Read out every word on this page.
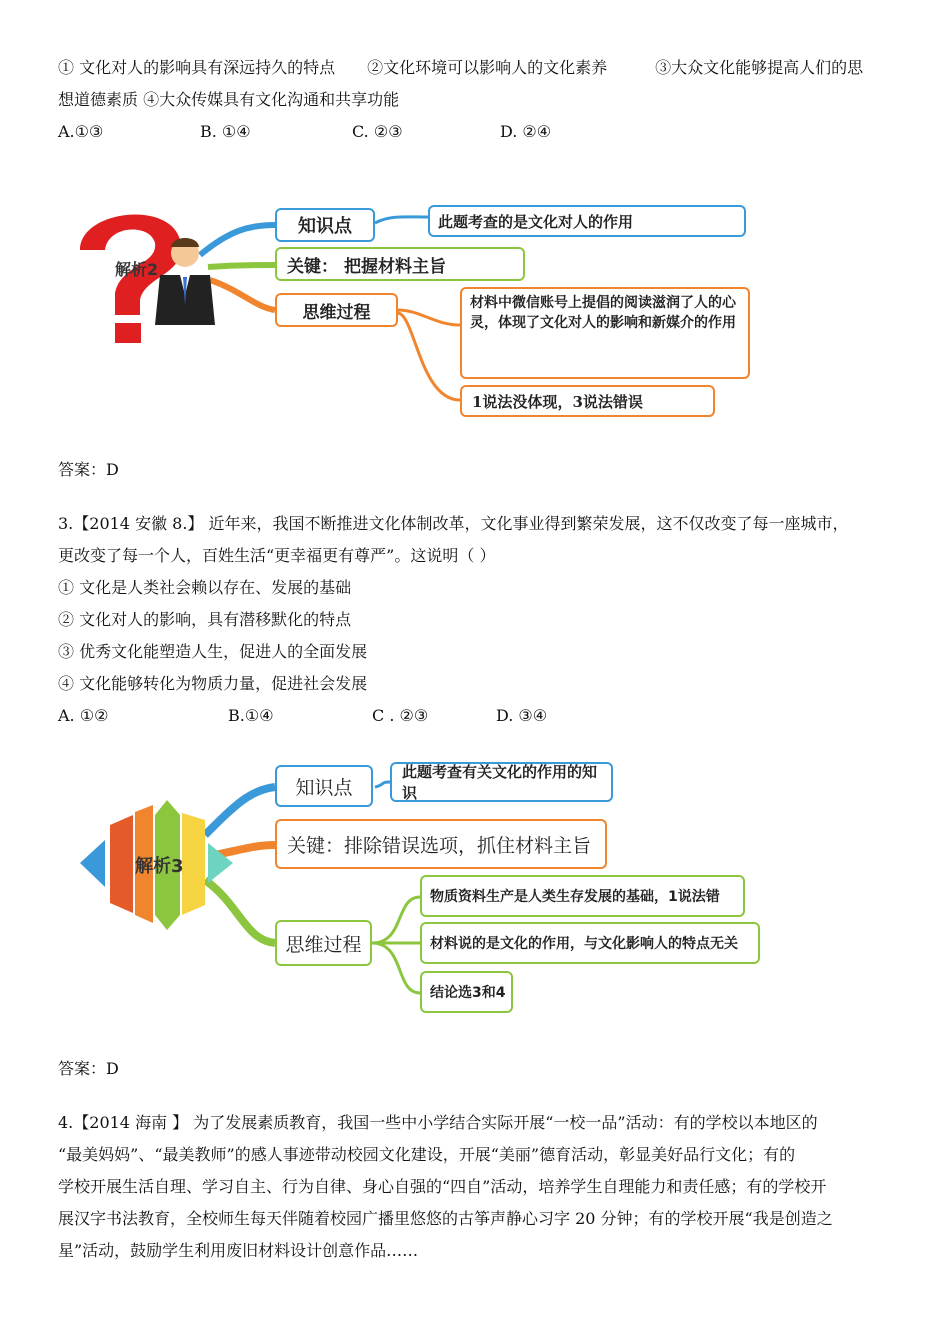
① 文化对人的影响具有深远持久的特点　　②文化环境可以影响人的文化素养　　　③大众文化能够提高人们的思
想道德素质 ④大众传媒具有文化沟通和共享功能
A.①③	B. ①④	C. ②③	D. ②④
解析2
知识点	此题考查的是文化对人的作用
关键： 把握材料主旨
思维过程	材料中微信账号上提倡的阅读滋润了人的心灵，体现了文化对人的影响和新媒介的作用
1说法没体现，3说法错误
答案：D
3.【2014 安徽 8.】 近年来，我国不断推进文化体制改革，文化事业得到繁荣发展，这不仅改变了每一座城市，
更改变了每一个人，百姓生活“更幸福更有尊严”。这说明（ ）
① 文化是人类社会赖以存在、发展的基础
② 文化对人的影响，具有潜移默化的特点
③ 优秀文化能塑造人生，促进人的全面发展
④ 文化能够转化为物质力量，促进社会发展
A. ①②	B.①④	C . ②③	D. ③④
解析3
知识点
此题考查有关文化的作用的知识
关键：排除错误选项，抓住材料主旨
思维过程
物质资料生产是人类生存发展的基础，1说法错
材料说的是文化的作用，与文化影响人的特点无关
结论选3和4
答案：D
4.【2014 海南 】 为了发展素质教育，我国一些中小学结合实际开展“一校一品”活动：有的学校以本地区的
“最美妈妈”、“最美教师”的感人事迹带动校园文化建设，开展“美丽”德育活动，彰显美好品行文化；有的
学校开展生活自理、学习自主、行为自律、身心自强的“四自”活动，培养学生自理能力和责任感；有的学校开
展汉字书法教育，全校师生每天伴随着校园广播里悠悠的古筝声静心习字 20 分钟；有的学校开展“我是创造之
星”活动，鼓励学生利用废旧材料设计创意作品……
